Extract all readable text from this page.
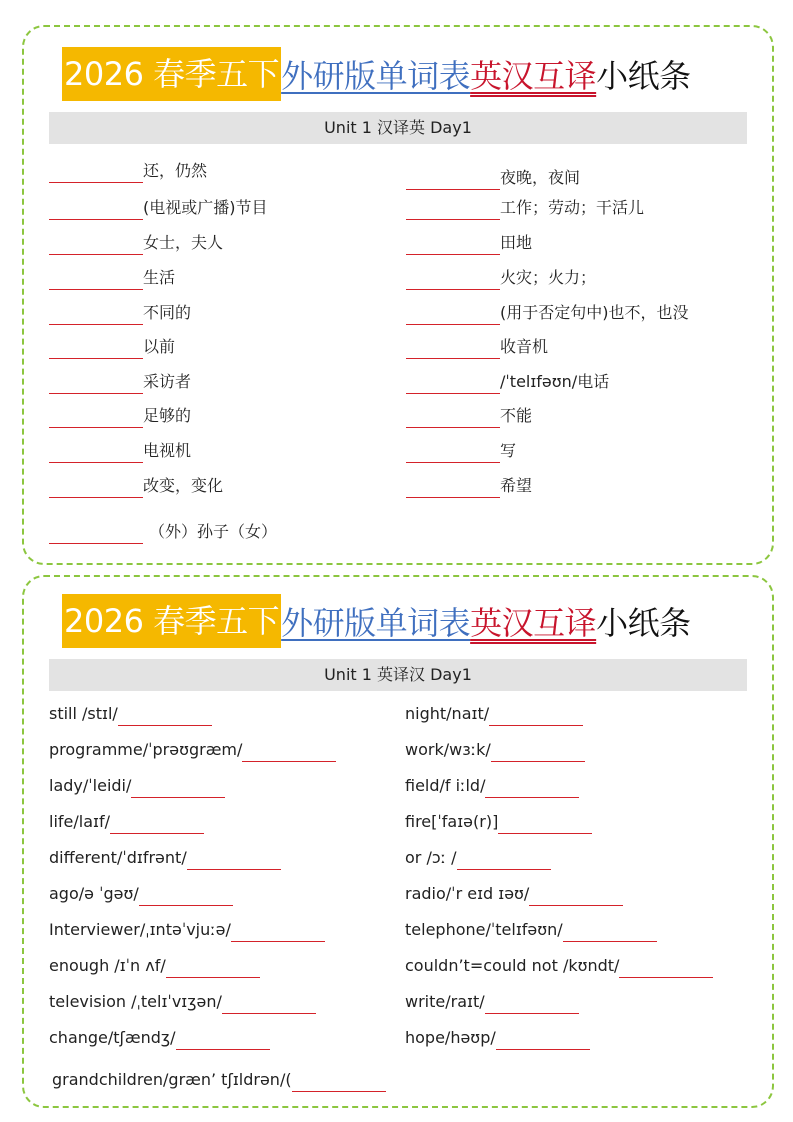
2026 春季五下 外研版单词表 英汉互译 小纸条
Unit 1 汉译英 Day1
还，仍然
(电视或广播)节目
女士，夫人
生活
不同的
以前
采访者
足够的
电视机
改变，变化
夜晚，夜间
工作；劳动；干活儿
田地
火灾；火力；
(用于否定句中)也不，也没
收音机
/ˈtelɪfəʊn/电话
不能
写
希望
（外）孙子（女）
2026 春季五下 外研版单词表 英汉互译 小纸条
Unit 1 英译汉 Day1
still /stɪl/
programme/ˈprəʊgræm/
lady/ˈleidi/
life/laɪf/
different/ˈdɪfrənt/
ago/ə ˈgəʊ/
Interviewer/ˌɪntəˈvjuːə/
enough /ɪˈn ʌf/
television /ˌtelɪˈvɪʒən/
change/tʃændʒ/
night/naɪt/
work/wɜːk/
field/f iːld/
fire[ˈfaɪə(r)]
or /ɔː /
radio/ˈr eɪd ɪəʊ/
telephone/ˈtelɪfəʊn/
couldn’t=could not /kʊndt/
write/raɪt/
hope/həʊp/
grandchildren/græn’ tʃɪldrən/(
